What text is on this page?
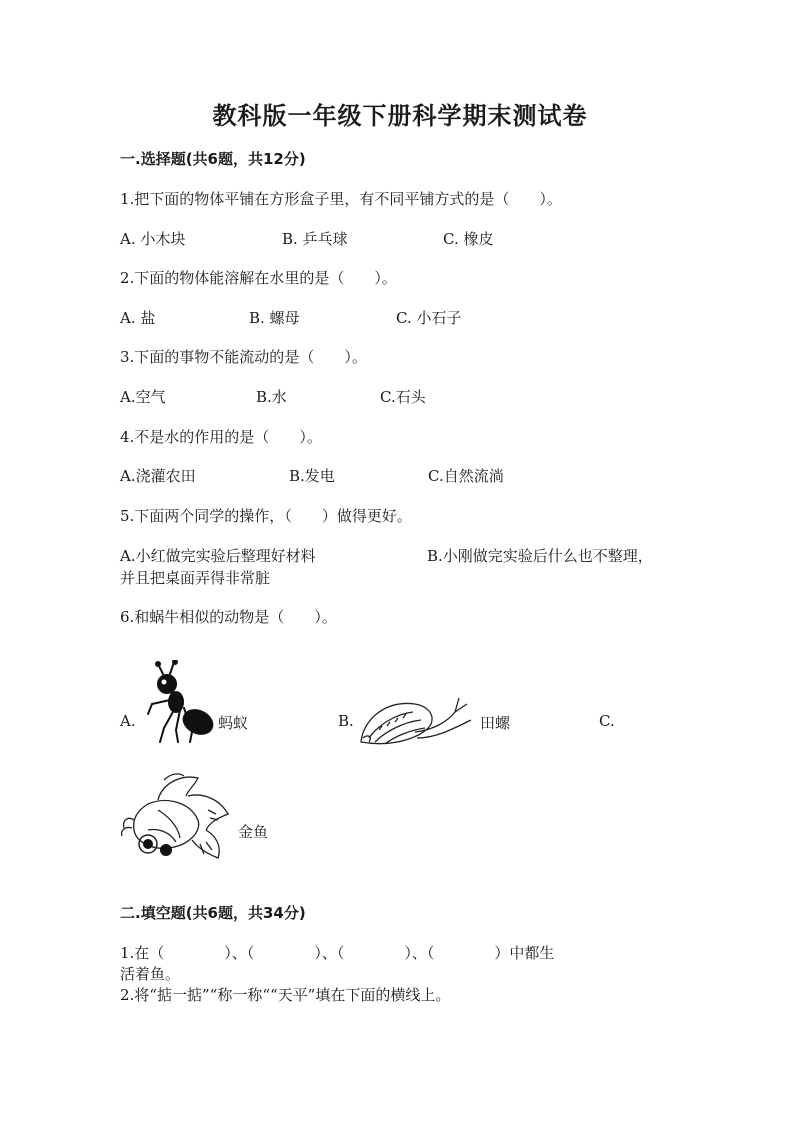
教科版一年级下册科学期末测试卷
一.选择题(共6题，共12分)
1.把下面的物体平铺在方形盒子里，有不同平铺方式的是（　　）。
A. 小木块	B. 乒乓球	C. 橡皮
2.下面的物体能溶解在水里的是（　　）。
A. 盐	B. 螺母	C. 小石子
3.下面的事物不能流动的是（　　）。
A.空气	B.水	C.石头
4.不是水的作用的是（　　）。
A.浇灌农田	B.发电	C.自然流淌
5.下面两个同学的操作，（　　）做得更好。
A.小红做完实验后整理好材料	B.小刚做完实验后什么也不整理，
并且把桌面弄得非常脏
6.和蜗牛相似的动物是（　　）。
A.	蚂蚁	B.	田螺	C.
金鱼
二.填空题(共6题，共34分)
1.在（　　　　）、（　　　　）、（　　　　）、（　　　　）中都生
活着鱼。
2.将“掂一掂”“称一称““天平”填在下面的横线上。
